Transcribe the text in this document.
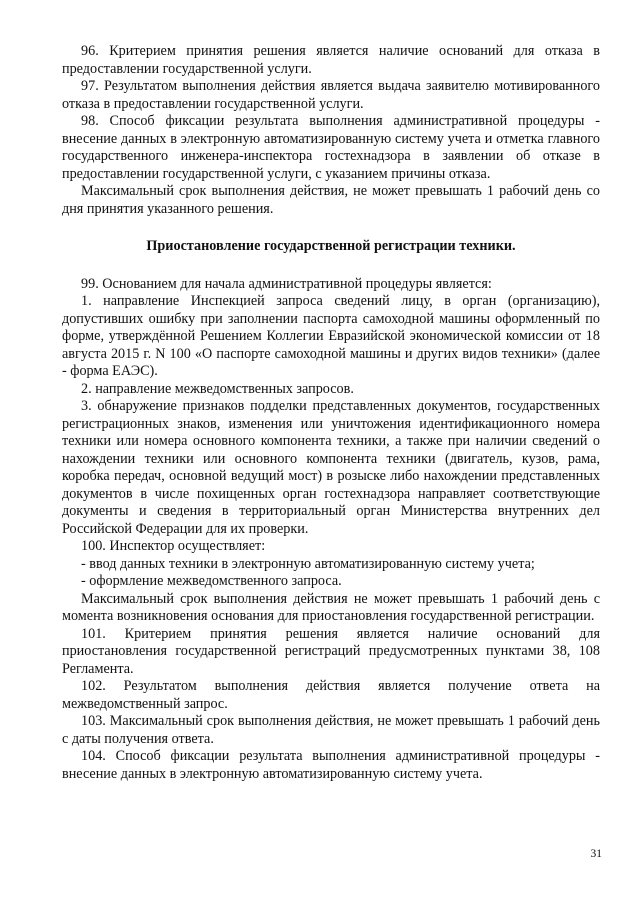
96. Критерием принятия решения является наличие оснований для отказа в предоставлении государственной услуги.

97. Результатом выполнения действия является выдача заявителю мотивированного отказа в предоставлении государственной услуги.

98. Способ фиксации результата выполнения административной процедуры - внесение данных в электронную автоматизированную систему учета и отметка главного государственного инженера-инспектора гостехнадзора в заявлении об отказе в предоставлении государственной услуги, с указанием причины отказа.

Максимальный срок выполнения действия, не может превышать 1 рабочий день со дня принятия указанного решения.

Приостановление государственной регистрации техники.

99. Основанием для начала административной процедуры является:

1. направление Инспекцией запроса сведений лицу, в орган (организацию), допустивших ошибку при заполнении паспорта самоходной машины оформленный по форме, утверждённой Решением Коллегии Евразийской экономической комиссии от 18 августа 2015 г. N 100 «О паспорте самоходной машины и других видов техники» (далее - форма ЕАЭС).

2. направление межведомственных запросов.

3. обнаружение признаков подделки представленных документов, государственных регистрационных знаков, изменения или уничтожения идентификационного номера техники или номера основного компонента техники, а также при наличии сведений о нахождении техники или основного компонента техники (двигатель, кузов, рама, коробка передач, основной ведущий мост) в розыске либо нахождении представленных документов в числе похищенных орган гостехнадзора направляет соответствующие документы и сведения в территориальный орган Министерства внутренних дел Российской Федерации для их проверки.

100. Инспектор осуществляет:

- ввод данных техники в электронную автоматизированную систему учета;

- оформление межведомственного запроса.

Максимальный срок выполнения действия не может превышать 1 рабочий день с момента возникновения основания для приостановления государственной регистрации.

101. Критерием принятия решения является наличие оснований для приостановления государственной регистраций предусмотренных пунктами 38, 108 Регламента.

102. Результатом выполнения действия является получение ответа на межведомственный запрос.

103. Максимальный срок выполнения действия, не может превышать 1 рабочий день с даты получения ответа.

104. Способ фиксации результата выполнения административной процедуры - внесение данных в электронную автоматизированную систему учета.

31
